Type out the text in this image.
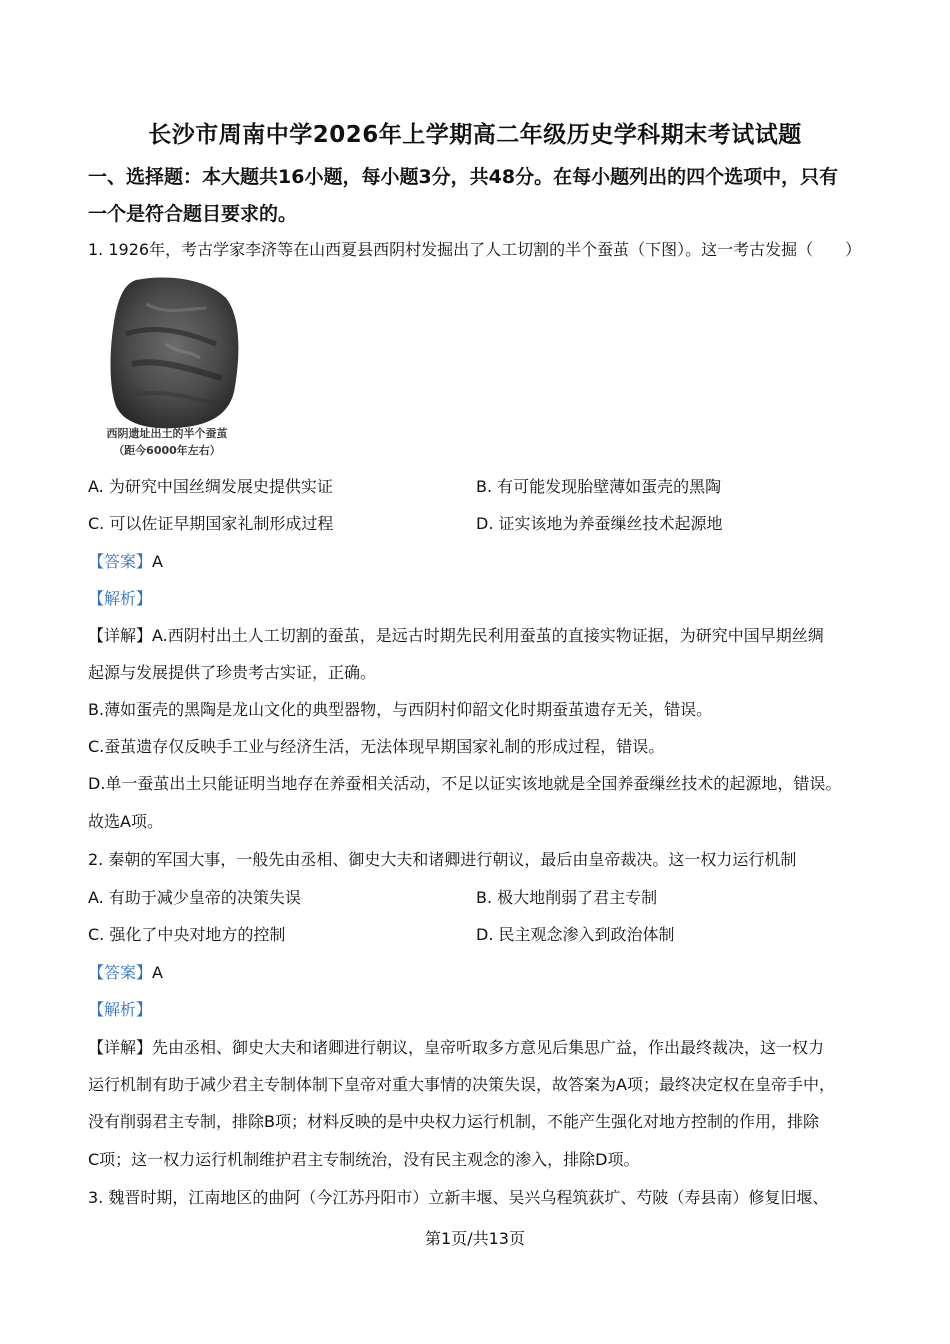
长沙市周南中学2026年上学期高二年级历史学科期末考试试题
一、选择题：本大题共16小题，每小题3分，共48分。在每小题列出的四个选项中，只有
一个是符合题目要求的。
1. 1926年，考古学家李济等在山西夏县西阴村发掘出了人工切割的半个蚕茧（下图）。这一考古发掘（　　）
西阴遗址出土的半个蚕茧
（距今6000年左右）
A. 为研究中国丝绸发展史提供实证	B. 有可能发现胎壁薄如蛋壳的黑陶
C. 可以佐证早期国家礼制形成过程	D. 证实该地为养蚕缫丝技术起源地
【答案】A
【解析】
【详解】A.西阴村出土人工切割的蚕茧，是远古时期先民利用蚕茧的直接实物证据，为研究中国早期丝绸
起源与发展提供了珍贵考古实证，正确。
B.薄如蛋壳的黑陶是龙山文化的典型器物，与西阴村仰韶文化时期蚕茧遗存无关，错误。
C.蚕茧遗存仅反映手工业与经济生活，无法体现早期国家礼制的形成过程，错误。
D.单一蚕茧出土只能证明当地存在养蚕相关活动，不足以证实该地就是全国养蚕缫丝技术的起源地，错误。
故选A项。
2. 秦朝的军国大事，一般先由丞相、御史大夫和诸卿进行朝议，最后由皇帝裁决。这一权力运行机制
A. 有助于减少皇帝的决策失误	B. 极大地削弱了君主专制
C. 强化了中央对地方的控制	D. 民主观念渗入到政治体制
【答案】A
【解析】
【详解】先由丞相、御史大夫和诸卿进行朝议，皇帝听取多方意见后集思广益，作出最终裁决，这一权力
运行机制有助于减少君主专制体制下皇帝对重大事情的决策失误，故答案为A项；最终决定权在皇帝手中，
没有削弱君主专制，排除B项；材料反映的是中央权力运行机制，不能产生强化对地方控制的作用，排除
C项；这一权力运行机制维护君主专制统治，没有民主观念的渗入，排除D项。
3. 魏晋时期，江南地区的曲阿（今江苏丹阳市）立新丰堰、吴兴乌程筑荻圹、芍陂（寿县南）修复旧堰、
第1页/共13页
